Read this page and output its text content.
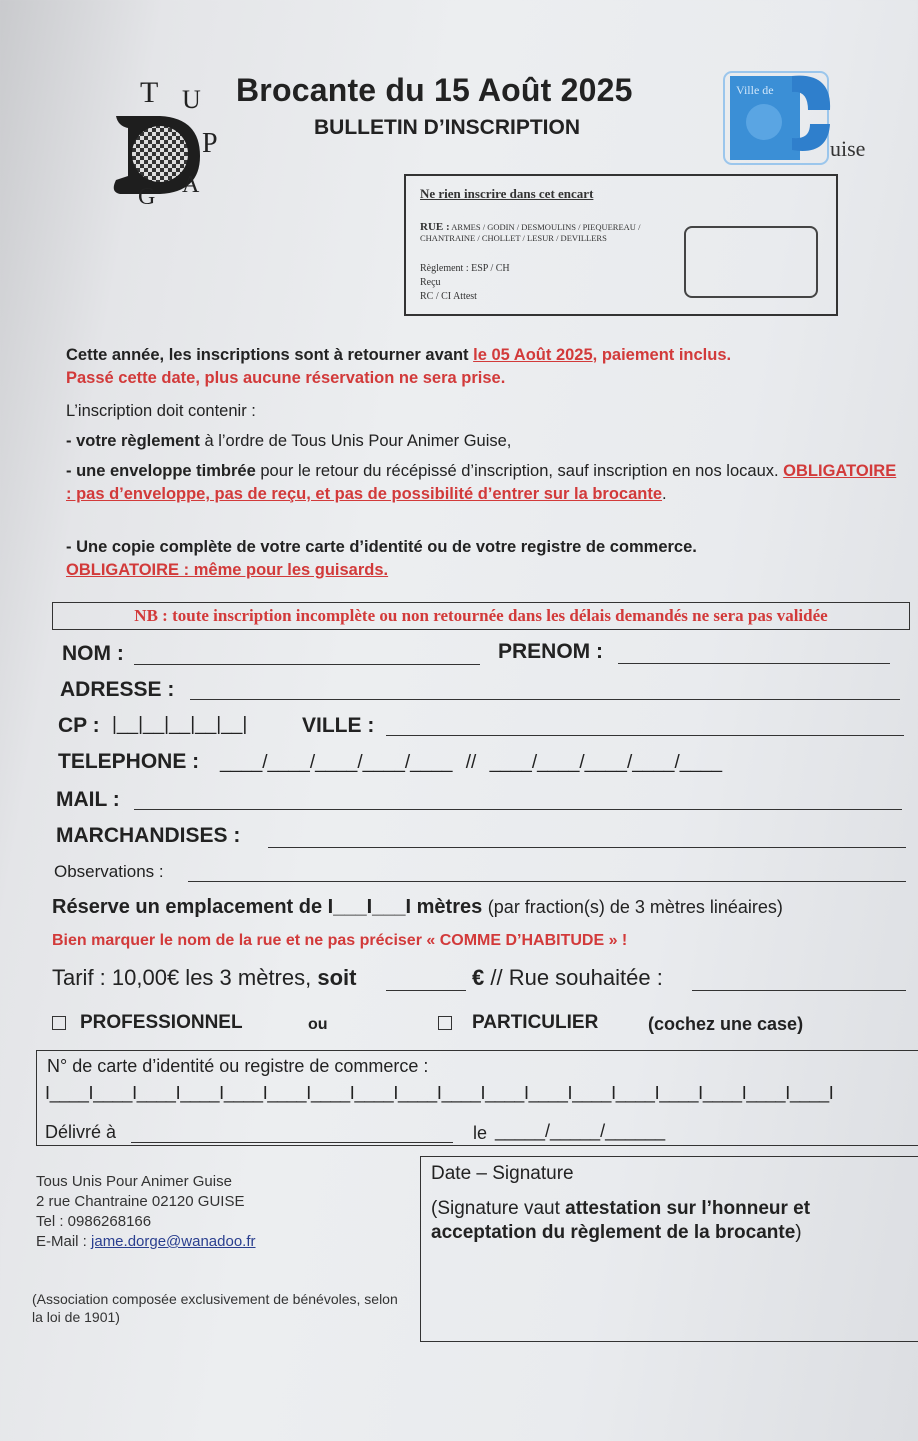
T U
P
G A
Brocante du 15 Août 2025
BULLETIN D’INSCRIPTION
Ville de
uise
Ne rien inscrire dans cet encart
RUE : ARMES / GODIN / DESMOULINS / PIEQUEREAU / CHANTRAINE / CHOLLET / LESUR / DEVILLERS
Règlement : ESP / CH
Reçu
RC / CI Attest
Cette année, les inscriptions sont à retourner avant le 05 Août 2025, paiement inclus.
Passé cette date, plus aucune réservation ne sera prise.
L’inscription doit contenir :
- votre règlement à l’ordre de Tous Unis Pour Animer Guise,
- une enveloppe timbrée pour le retour du récépissé d’inscription, sauf inscription en nos locaux. OBLIGATOIRE : pas d’enveloppe, pas de reçu, et pas de possibilité d’entrer sur la brocante.
- Une copie complète de votre carte d’identité ou de votre registre de commerce.
OBLIGATOIRE : même pour les guisards.
NB : toute inscription incomplète ou non retournée dans les délais demandés ne sera pas validée
NOM :	PRENOM :
ADRESSE :
CP : |__|__|__|__|__|	VILLE :
TELEPHONE : ____/____/____/____/____ // ____/____/____/____/____
MAIL :
MARCHANDISES :
Observations :
Réserve un emplacement de I___I___I mètres (par fraction(s) de 3 mètres linéaires)
Bien marquer le nom de la rue et ne pas préciser « COMME D’HABITUDE » !
Tarif : 10,00€ les 3 mètres, soit	€ // Rue souhaitée :
PROFESSIONNEL	ou	PARTICULIER	(cochez une case)
N° de carte d’identité ou registre de commerce :
I____I____I____I____I____I____I____I____I____I____I____I____I____I____I____I____I____I____I
Délivré à	le _____/_____/______
Tous Unis Pour Animer Guise
2 rue Chantraine 02120 GUISE
Tel : 0986268166
E-Mail : jame.dorge@wanadoo.fr
(Association composée exclusivement de bénévoles, selon la loi de 1901)
Date – Signature
(Signature vaut attestation sur l’honneur et acceptation du règlement de la brocante)
